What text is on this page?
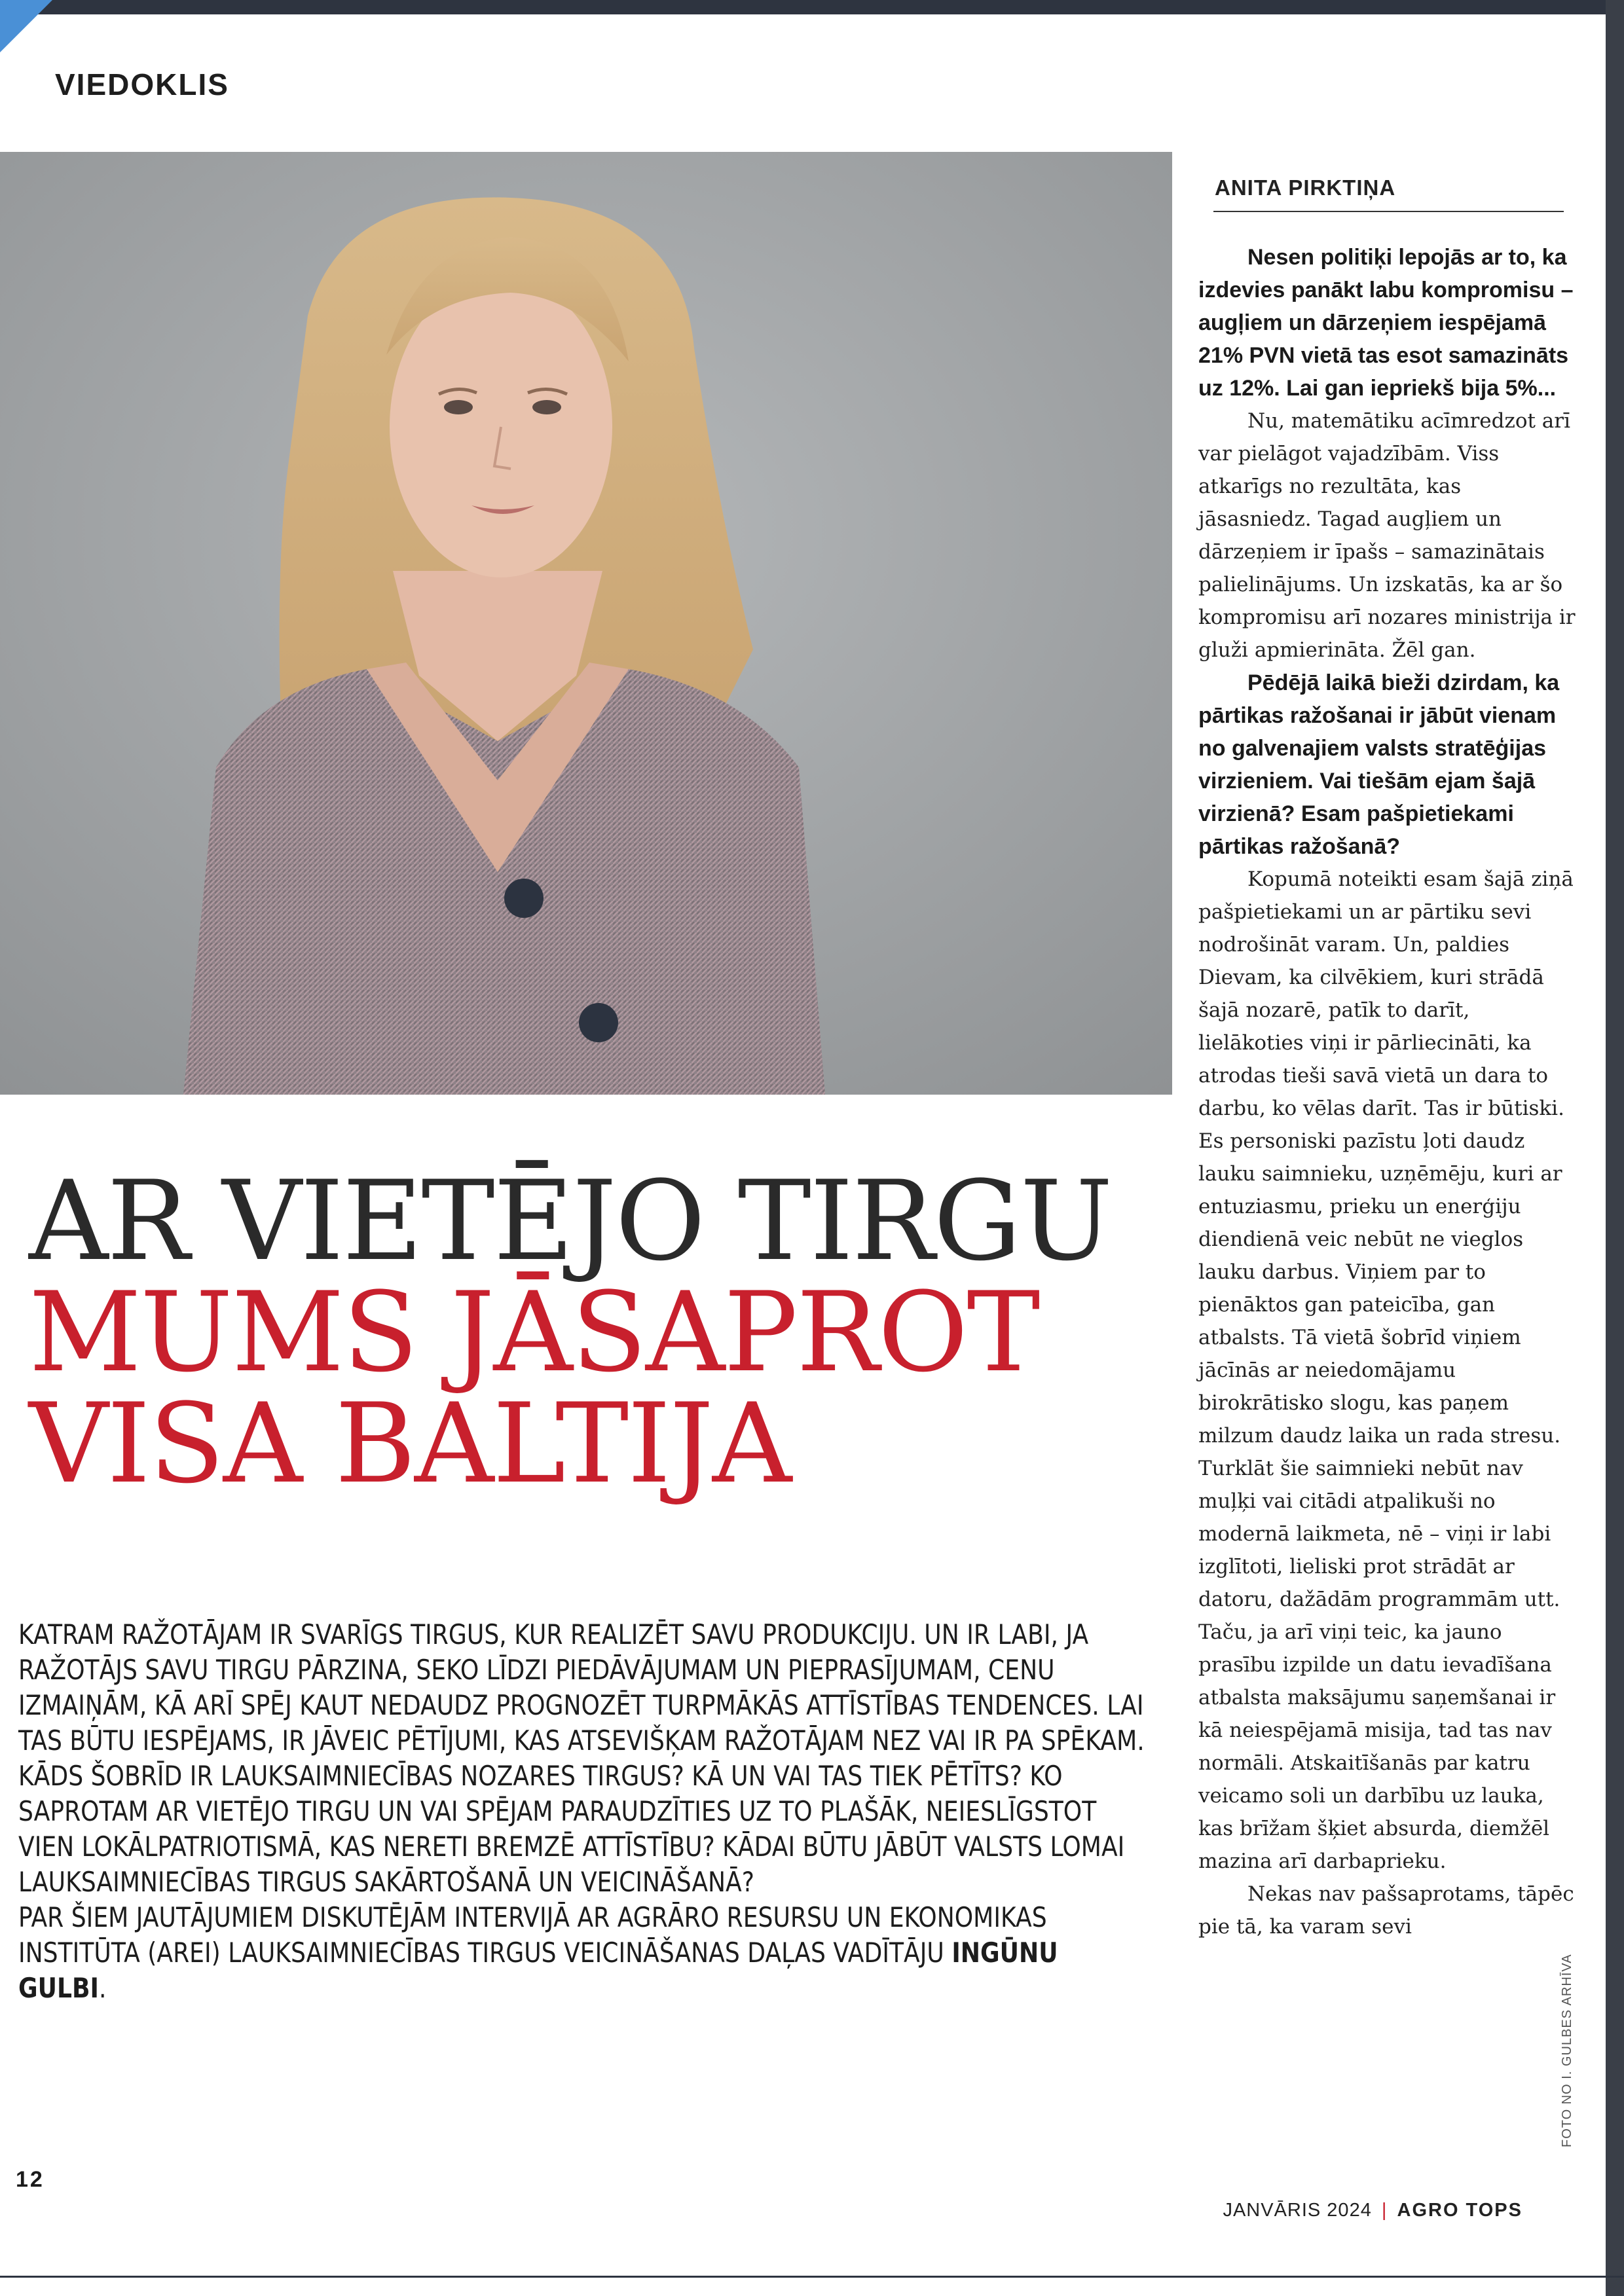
VIEDOKLIS
ANITA PIRKTIŅA

Nesen politiķi lepojās ar to, ka izdevies panākt labu kompromisu – augļiem un dārzeņiem iespējamā 21% PVN vietā tas esot samazināts uz 12%. Lai gan iepriekš bija 5%...

Nu, matemātiku acīmredzot arī var pielāgot vajadzībām. Viss atkarīgs no rezultāta, kas jāsasniedz. Tagad augļiem un dārzeņiem ir īpašs – samazinātais palielinājums. Un izskatās, ka ar šo kompromisu arī nozares ministrija ir gluži apmierināta. Žēl gan.

Pēdējā laikā bieži dzirdam, ka pārtikas ražošanai ir jābūt vienam no galvenajiem valsts stratēģijas virzieniem. Vai tiešām ejam šajā virzienā? Esam pašpietiekami pārtikas ražošanā?

Kopumā noteikti esam šajā ziņā pašpietiekami un ar pārtiku sevi nodrošināt varam. Un, paldies Dievam, ka cilvēkiem, kuri strādā šajā nozarē, patīk to darīt, lielākoties viņi ir pārliecināti, ka atrodas tieši savā vietā un dara to darbu, ko vēlas darīt. Tas ir būtiski. Es personiski pazīstu ļoti daudz lauku saimnieku, uzņēmēju, kuri ar entuziasmu, prieku un enerģiju diendienā veic nebūt ne vieglos lauku darbus. Viņiem par to pienāktos gan pateicība, gan atbalsts. Tā vietā šobrīd viņiem jācīnās ar neiedomājamu birokrātisko slogu, kas paņem milzum daudz laika un rada stresu. Turklāt šie saimnieki nebūt nav muļķi vai citādi atpalikuši no modernā laikmeta, nē – viņi ir labi izglītoti, lieliski prot strādāt ar datoru, dažādām programmām utt. Taču, ja arī viņi teic, ka jauno prasību izpilde un datu ievadīšana atbalsta maksājumu saņemšanai ir kā neiespējamā misija, tad tas nav normāli. Atskaitīšanās par katru veicamo soli un darbību uz lauka, kas brīžam šķiet absurda, diemžēl mazina arī darbaprieku.

Nekas nav pašsaprotams, tāpēc pie tā, ka varam sevi

AR VIETĒJO TIRGU
MUMS JĀSAPROT
VISA BALTIJA

KATRAM RAŽOTĀJAM IR SVARĪGS TIRGUS, KUR REALIZĒT SAVU PRODUKCIJU. UN IR LABI, JA RAŽOTĀJS SAVU TIRGU PĀRZINA, SEKO LĪDZI PIEDĀVĀJUMAM UN PIEPRASĪJUMAM, CENU IZMAIŅĀM, KĀ ARĪ SPĒJ KAUT NEDAUDZ PROGNOZĒT TURPMĀKĀS ATTĪSTĪBAS TENDENCES. LAI TAS BŪTU IESPĒJAMS, IR JĀVEIC PĒTĪJUMI, KAS ATSEVIŠĶAM RAŽOTĀJAM NEZ VAI IR PA SPĒKAM.

KĀDS ŠOBRĪD IR LAUKSAIMNIECĪBAS NOZARES TIRGUS? KĀ UN VAI TAS TIEK PĒTĪTS? KO SAPROTAM AR VIETĒJO TIRGU UN VAI SPĒJAM PARAUDZĪTIES UZ TO PLAŠĀK, NEIESLĪGSTOT VIEN LOKĀLPATRIOTISMĀ, KAS NERETI BREMZĒ ATTĪSTĪBU? KĀDAI BŪTU JĀBŪT VALSTS LOMAI LAUKSAIMNIECĪBAS TIRGUS SAKĀRTOŠANĀ UN VEICINĀŠANĀ?

PAR ŠIEM JAUTĀJUMIEM DISKUTĒJĀM INTERVIJĀ AR AGRĀRO RESURSU UN EKONOMIKAS INSTITŪTA (AREI) LAUKSAIMNIECĪBAS TIRGUS VEICINĀŠANAS DAĻAS VADĪTĀJU INGŪNU GULBI.	FOTO NO I. GULBES ARHĪVA
12
JANVĀRIS 2024 | AGRO TOPS
